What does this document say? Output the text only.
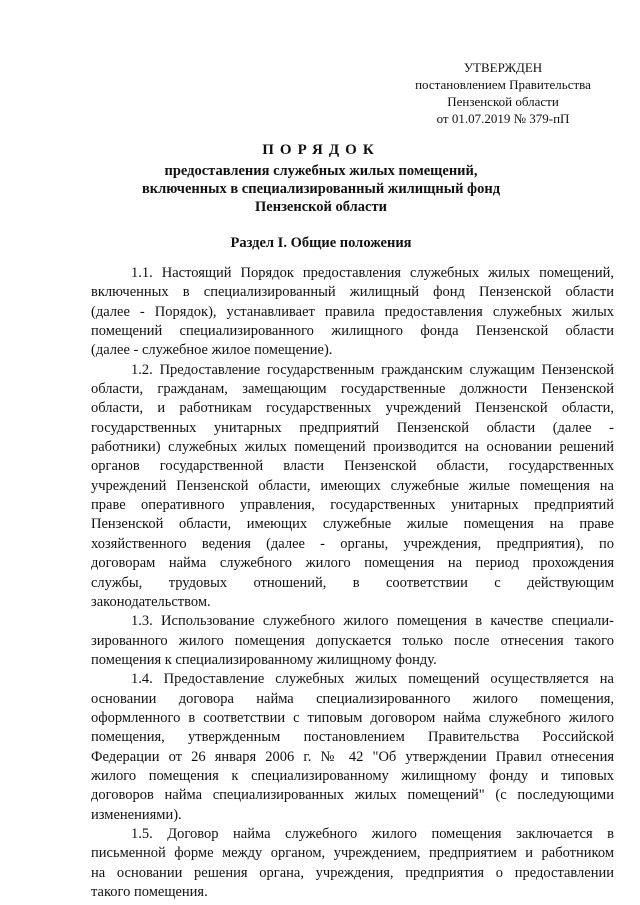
УТВЕРЖДЕН
постановлением Правительства
Пензенской области
от 01.07.2019 № 379-пП
ПОРЯДОК
предоставления служебных жилых помещений,
включенных в специализированный жилищный фонд
Пензенской области
Раздел I. Общие положения

1.1. Настоящий Порядок предоставления служебных жилых помещений,
включенных в специализированный жилищный фонд Пензенской области
(далее - Порядок), устанавливает правила предоставления служебных жилых
помещений специализированного жилищного фонда Пензенской области
(далее - служебное жилое помещение).

1.2. Предоставление государственным гражданским служащим Пензенской
области, гражданам, замещающим государственные должности Пензенской
области, и работникам государственных учреждений Пензенской области,
государственных унитарных предприятий Пензенской области (далее -
работники) служебных жилых помещений производится на основании решений
органов государственной власти Пензенской области, государственных
учреждений Пензенской области, имеющих служебные жилые помещения на
праве оперативного управления, государственных унитарных предприятий
Пензенской области, имеющих служебные жилые помещения на праве
хозяйственного ведения (далее - органы, учреждения, предприятия), по
договорам найма служебного жилого помещения на период прохождения
службы, трудовых отношений, в соответствии с действующим
законодательством.

1.3. Использование служебного жилого помещения в качестве специали-
зированного жилого помещения допускается только после отнесения такого
помещения к специализированному жилищному фонду.

1.4. Предоставление служебных жилых помещений осуществляется на
основании договора найма специализированного жилого помещения,
оформленного в соответствии с типовым договором найма служебного жилого
помещения, утвержденным постановлением Правительства Российской
Федерации от 26 января 2006 г. № 42 "Об утверждении Правил отнесения
жилого помещения к специализированному жилищному фонду и типовых
договоров найма специализированных жилых помещений" (с последующими
изменениями).

1.5. Договор найма служебного жилого помещения заключается в
письменной форме между органом, учреждением, предприятием и работником
на основании решения органа, учреждения, предприятия о предоставлении
такого помещения.
